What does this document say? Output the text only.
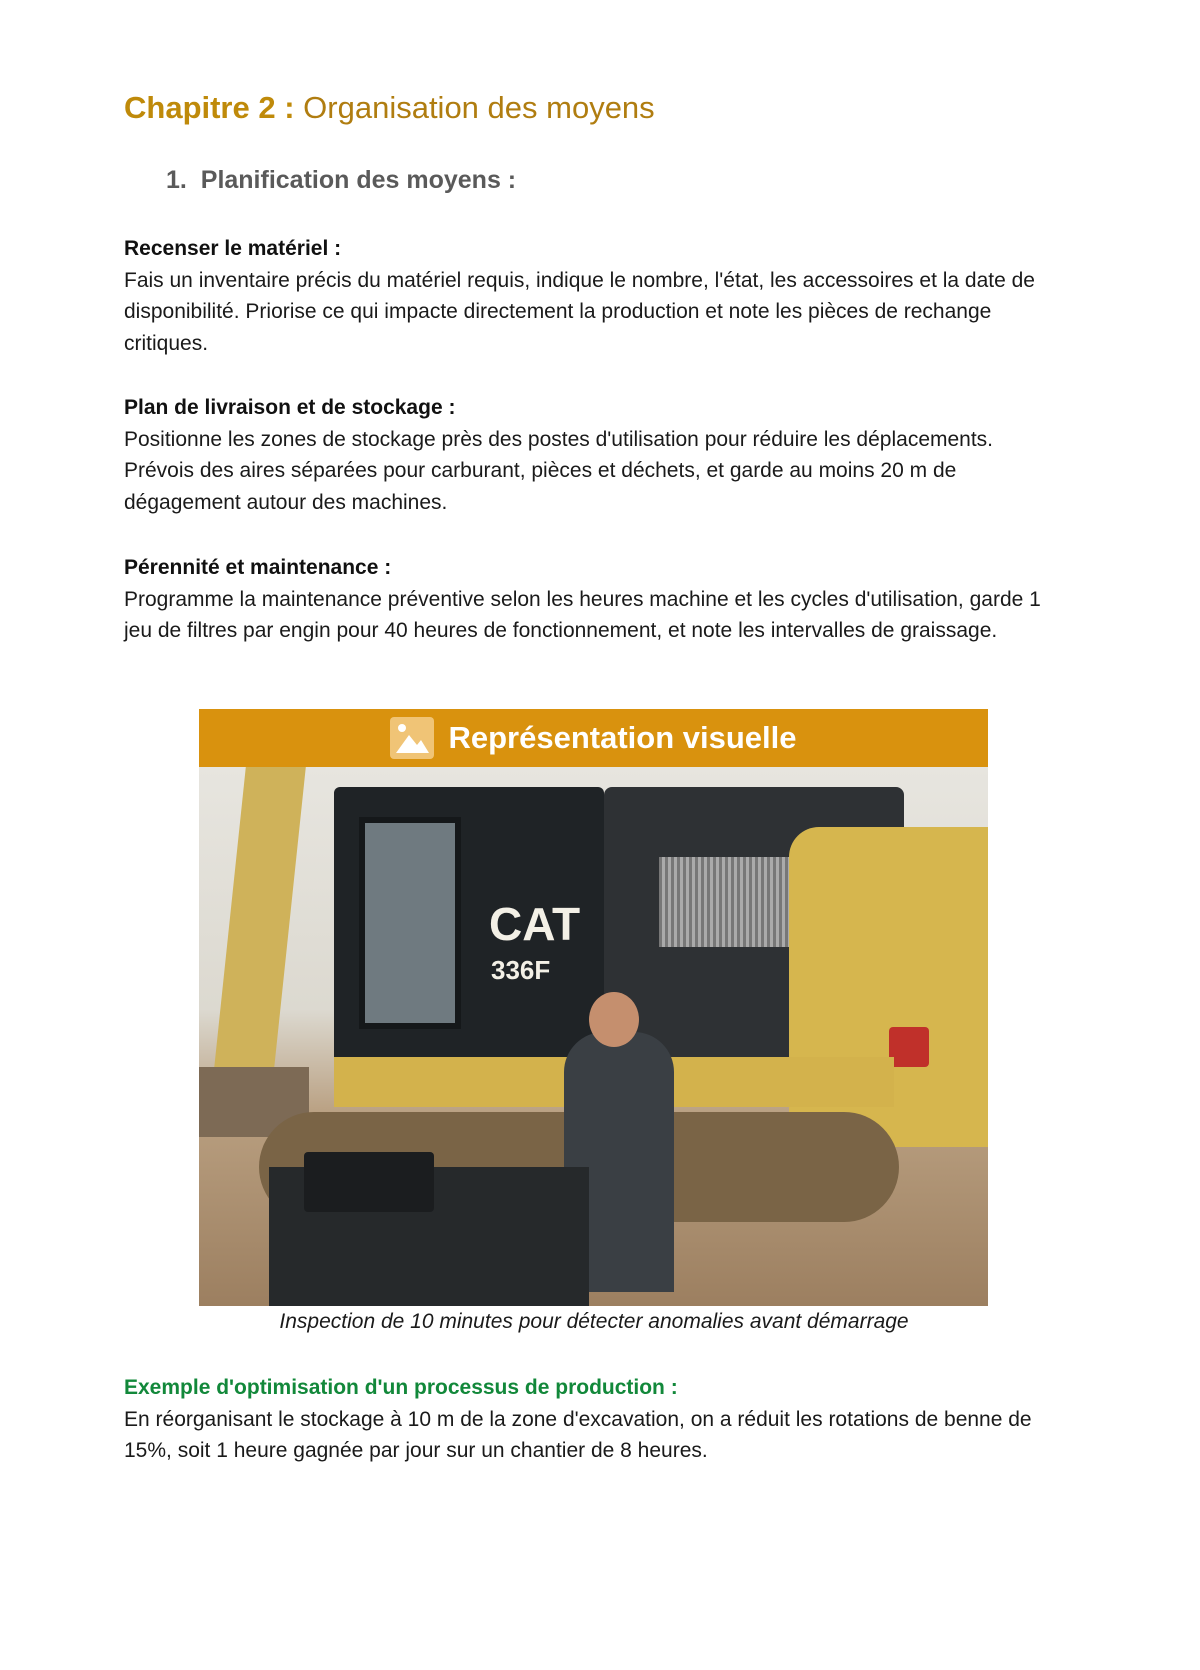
Chapitre 2 : Organisation des moyens
1. Planification des moyens :
Recenser le matériel :
Fais un inventaire précis du matériel requis, indique le nombre, l'état, les accessoires et la date de disponibilité. Priorise ce qui impacte directement la production et note les pièces de rechange critiques.
Plan de livraison et de stockage :
Positionne les zones de stockage près des postes d'utilisation pour réduire les déplacements. Prévois des aires séparées pour carburant, pièces et déchets, et garde au moins 20 m de dégagement autour des machines.
Pérennité et maintenance :
Programme la maintenance préventive selon les heures machine et les cycles d'utilisation, garde 1 jeu de filtres par engin pour 40 heures de fonctionnement, et note les intervalles de graissage.
Représentation visuelle
CAT
336F
Inspection de 10 minutes pour détecter anomalies avant démarrage
Exemple d'optimisation d'un processus de production :
En réorganisant le stockage à 10 m de la zone d'excavation, on a réduit les rotations de benne de 15%, soit 1 heure gagnée par jour sur un chantier de 8 heures.
